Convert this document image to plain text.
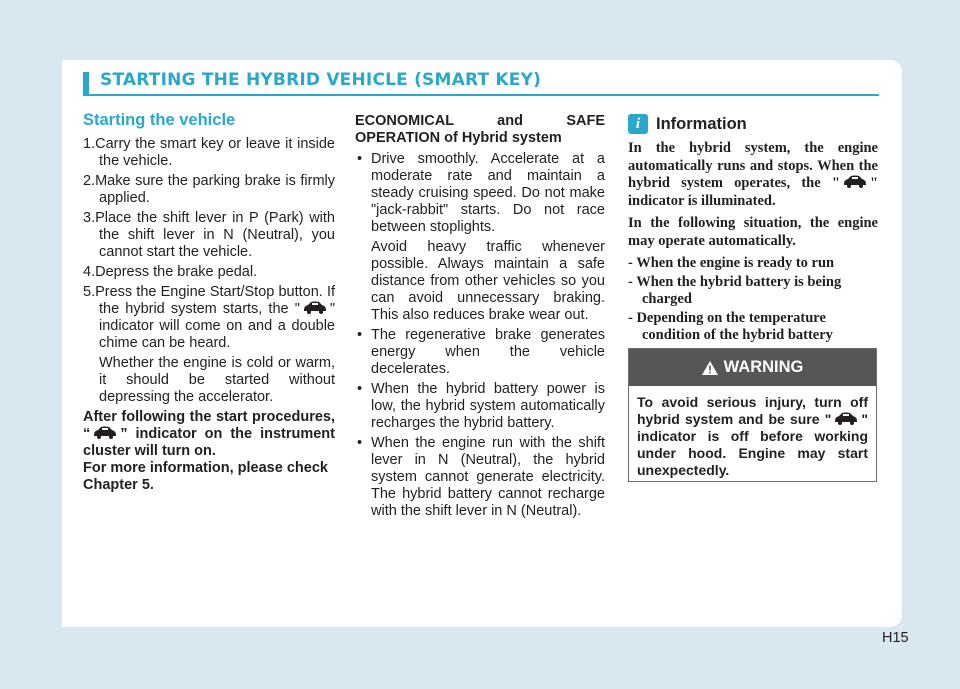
STARTING THE HYBRID VEHICLE (SMART KEY)
Starting the vehicle
1.Carry the smart key or leave it inside the vehicle.
2.Make sure the parking brake is firmly applied.
3.Place the shift lever in P (Park) with the shift lever in N (Neutral), you cannot start the vehicle.
4.Depress the brake pedal.
5.Press the Engine Start/Stop button. If the hybrid system starts, the " " indicator will come on and a double chime can be heard.
Whether the engine is cold or warm, it should be started without depressing the accelerator.
After following the start procedures, “ ” indicator on the instrument cluster will turn on.
For more information, please check Chapter 5.
ECONOMICAL and SAFE OPERATION of Hybrid system
• Drive smoothly. Accelerate at a moderate rate and maintain a steady cruising speed. Do not make "jack-rabbit" starts. Do not race between stoplights.
Avoid heavy traffic whenever possible. Always maintain a safe distance from other vehicles so you can avoid unnecessary braking. This also reduces brake wear out.
• The regenerative brake generates energy when the vehicle decelerates.
• When the hybrid battery power is low, the hybrid system automatically recharges the hybrid battery.
• When the engine run with the shift lever in N (Neutral), the hybrid system cannot generate electricity. The hybrid battery cannot recharge with the shift lever in N (Neutral).
i Information

In the hybrid system, the engine automatically runs and stops. When the hybrid system operates, the " " indicator is illuminated.

In the following situation, the engine may operate automatically.

- When the engine is ready to run
- When the hybrid battery is being charged
- Depending on the temperature condition of the hybrid battery
WARNING
To avoid serious injury, turn off hybrid system and be sure " " indicator is off before working under hood. Engine may start unexpectedly.
H15
